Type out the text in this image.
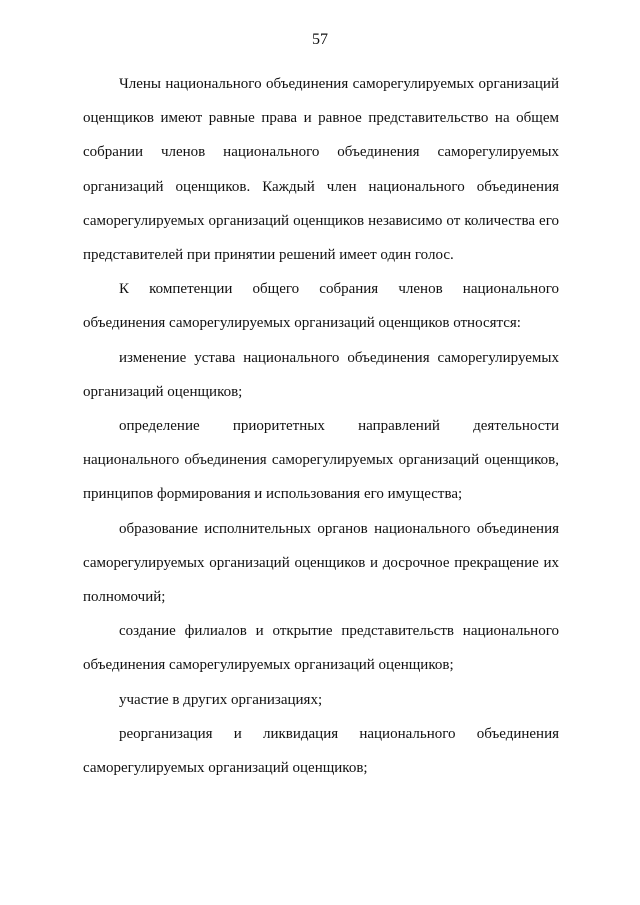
57

Члены национального объединения саморегулируемых организаций оценщиков имеют равные права и равное представительство на общем собрании членов национального объединения саморегулируемых организаций оценщиков. Каждый член национального объединения саморегулируемых организаций оценщиков независимо от количества его представителей при принятии решений имеет один голос.

К компетенции общего собрания членов национального объединения саморегулируемых организаций оценщиков относятся:

изменение устава национального объединения саморегулируемых организаций оценщиков;

определение приоритетных направлений деятельности национального объединения саморегулируемых организаций оценщиков, принципов формирования и использования его имущества;

образование исполнительных органов национального объединения саморегулируемых организаций оценщиков и досрочное прекращение их полномочий;

создание филиалов и открытие представительств национального объединения саморегулируемых организаций оценщиков;

участие в других организациях;

реорганизация и ликвидация национального объединения саморегулируемых организаций оценщиков;
